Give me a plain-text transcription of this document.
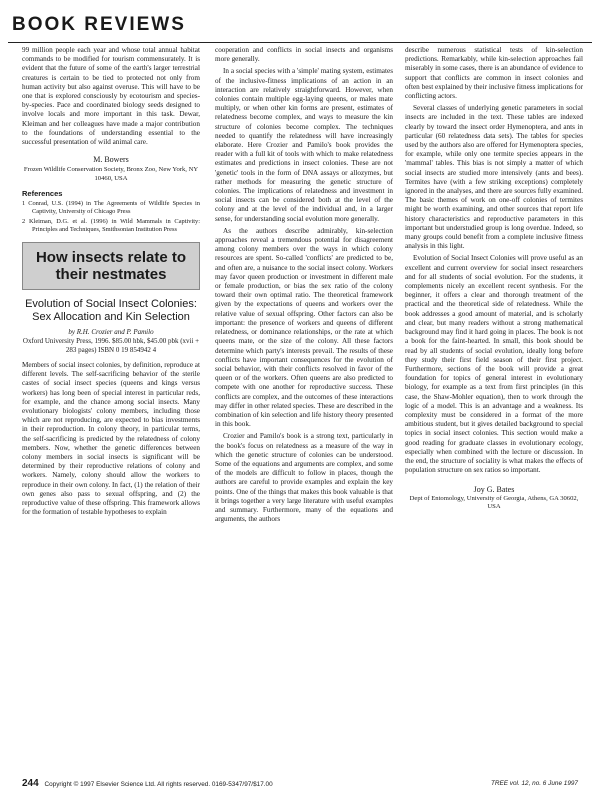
BOOK REVIEWS

99 million people each year and whose total annual habitat commands to be modified for tourism commensurately. It is evident that the future of some of the earth's larger terrestrial creatures is certain to be tied to protected not only from human activity but also against overuse. This will have to be one that is explored consciously by ecotourism and species-by-species. Pace and coordinated biology seeds designed to involve locals and more important in this task. Dewar, Kleiman and her colleagues have made a major contribution to the foundations of understanding essential to the successful presentation of wild animal care.

M. Bowers
Frozen Wildlife Conservation Society, Bronx Zoo, New York, NY 10460, USA
References
1 Conrad, U.S. (1994) in The Agreements of Wildlife Species in Captivity, University of Chicago Press
2 Kleiman, D.G. et al. (1996) in Wild Mammals in Captivity: Principles and Techniques, Smithsonian Institution Press
How insects relate to their nestmates
Evolution of Social Insect Colonies: Sex Allocation and Kin Selection
by R.H. Crozier and P. Pamilo
Oxford University Press, 1996. $85.00 hbk, $45.00 pbk (xvii + 283 pages) ISBN 0 19 854942 4

Members of social insect colonies, by definition, reproduce at different levels. The self-sacrificing behavior of the sterile castes of social insect species (queens and kings versus workers) has long been of special interest in particular reds, for example, and the chance among social insects. Many evolutionary biologists' colony members, including those which are not reproducing, are expected to bias investments in their reproduction. In colony theory, in particular terms, the self-sacrificing is predicted by the relatedness of colony members. Now, whether the genetic differences between colony members in social insects is significant will be determined by their reproductive relations of colony and workers. Namely, colony should allow the workers to reproduce in their own colony. In fact, (1) the relation of their own genes also pass to sexual offspring, and (2) the reproductive value of these offspring. This framework allows for the formation of testable hypotheses to explain

cooperation and conflicts in social insects and organisms more generally.

In a social species with a 'simple' mating system, estimates of the inclusive-fitness implications of an action in an interaction are relatively straightforward. However, when colonies contain multiple egg-laying queens, or males mate multiply, or when other kin forms are present, estimates of relatedness become complex, and ways to measure the kin structure of colonies become complex. The techniques needed to quantify the relatedness will have increasingly elaborate. Here Crozier and Pamilo's book provides the reader with a full kit of tools with which to make relatedness estimates and predictions in insect colonies. These are not 'genetic' tools in the form of DNA assays or allozymes, but rather methods for measuring the genetic structure of colonies. The implications of relatedness and investment in social insects can be considered both at the level of the colony and at the level of the individual and, in a larger sense, for understanding social evolution more generally.

As the authors describe admirably, kin-selection approaches reveal a tremendous potential for disagreement among colony members over the ways in which colony resources are spent. So-called 'conflicts' are predicted to be, and often are, a nuisance to the social insect colony. Workers may favor queen production or investment in different male or female production, or bias the sex ratio of the colony toward their own optimal ratio. The theoretical framework given by the expectations of queens and workers over the relative value of sexual offspring. Other factors can also be important: the presence of workers and queens of different relatedness, or dominance relationships, or the rate at which queens mate, or the size of the colony. All these factors determine which party's interests prevail. The results of these conflicts have important consequences for the evolution of social behavior, with their conflicts resolved in favor of the queen or of the workers. Often queens are also predicted to compete with one another for reproductive success. These conflicts are complex, and the outcomes of these interactions may differ in other related species. These are described in the combination of kin selection and life history theory presented in this book.

Crozier and Pamilo's book is a strong text, particularly in the book's focus on relatedness as a measure of the way in which the genetic structure of colonies can be understood. Some of the equations and arguments are complex, and some of the models are difficult to follow in places, though the authors are careful to provide examples and explain the key points. One of the things that makes this book valuable is that it brings together a very large literature with useful examples and summary. Furthermore, many of the equations and arguments, the authors

describe numerous statistical tests of kin-selection predictions. Remarkably, while kin-selection approaches fail miserably in some cases, there is an abundance of evidence to support that conflicts are common in insect colonies and often best explained by their inclusive fitness implications for conflicting actors.

Several classes of underlying genetic parameters in social insects are included in the text. These tables are indexed clearly by toward the insect order Hymenoptera, and ants in particular (60 relatedness data sets). The tables for species used by the authors also are offered for Hymenoptera species, for example, while only one termite species appears in the 'mammal' tables. This bias is not simply a matter of which social insects are studied more intensively (ants and bees). Termites have (with a few striking exceptions) completely ignored in the analyses, and there are sources fully examined. The basic themes of work on one-off colonies of termites might be worth examining, and other sources that report life history characteristics and reproductive parameters in this important but understudied group is long overdue. Indeed, so many groups could benefit from a complete inclusive fitness analysis in this light.

Evolution of Social Insect Colonies will prove useful as an excellent and current overview for social insect researchers and for all students of social evolution. For the students, it complements nicely an excellent recent synthesis. For the beginner, it offers a clear and thorough treatment of the practical and the theoretical side of relatedness. While the book addresses a good amount of material, and is scholarly and clear, but many readers without a strong mathematical background may find it hard going in places. The book is not a book for the faint-hearted. In small, this book should be read by all students of social evolution, ideally long before they study their first field season of their first project. Furthermore, sections of the book will provide a great foundation for topics of general interest in evolutionary biology, for example as a text from first principles (in this case, the Shaw-Mohler equation), then to work through the logic of a model. This is an advantage and a weakness. Its complexity must be considered in a format of the more ambitious student, but it gives detailed background to special topics in social insect colonies. This section would make a good reading for graduate classes in evolutionary ecology, especially when combined with the lecture or discussion. In the end, the structure of sociality is what makes the effects of population structure on sex ratios so important.

Joy G. Bates
Dept of Entomology, University of Georgia, Athens, GA 30602, USA
244 Copyright © 1997 Elsevier Science Ltd. All rights reserved. 0169-5347/97/$17.00	TREE vol. 12, no. 6 June 1997
